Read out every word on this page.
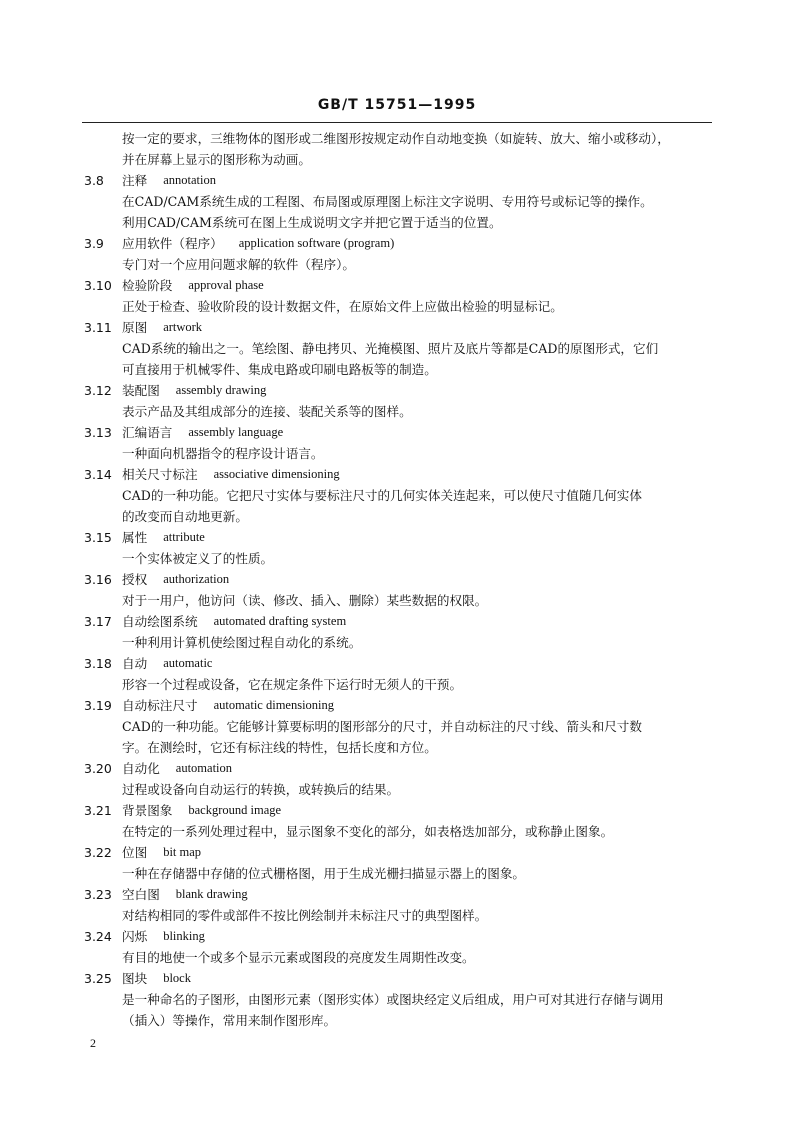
GB/T 15751—1995
按一定的要求，三维物体的图形或二维图形按规定动作自动地变换（如旋转、放大、缩小或移动），
并在屏幕上显示的图形称为动画。
3.8	注释 annotation
在CAD/CAM系统生成的工程图、布局图或原理图上标注文字说明、专用符号或标记等的操作。
利用CAD/CAM系统可在图上生成说明文字并把它置于适当的位置。
3.9	应用软件（程序） application software (program)
专门对一个应用问题求解的软件（程序）。
3.10 检验阶段 approval phase
正处于检查、验收阶段的设计数据文件，在原始文件上应做出检验的明显标记。
3.11 原图 artwork
CAD系统的输出之一。笔绘图、静电拷贝、光掩模图、照片及底片等都是CAD的原图形式，它们
可直接用于机械零件、集成电路或印刷电路板等的制造。
3.12 装配图 assembly drawing
表示产品及其组成部分的连接、装配关系等的图样。
3.13 汇编语言 assembly language
一种面向机器指令的程序设计语言。
3.14 相关尺寸标注 associative dimensioning
CAD的一种功能。它把尺寸实体与要标注尺寸的几何实体关连起来，可以使尺寸值随几何实体
的改变而自动地更新。
3.15 属性 attribute
一个实体被定义了的性质。
3.16 授权 authorization
对于一用户，他访问（读、修改、插入、删除）某些数据的权限。
3.17 自动绘图系统 automated drafting system
一种利用计算机使绘图过程自动化的系统。
3.18 自动 automatic
形容一个过程或设备，它在规定条件下运行时无须人的干预。
3.19 自动标注尺寸 automatic dimensioning
CAD的一种功能。它能够计算要标明的图形部分的尺寸，并自动标注的尺寸线、箭头和尺寸数
字。在测绘时，它还有标注线的特性，包括长度和方位。
3.20 自动化 automation
过程或设备向自动运行的转换，或转换后的结果。
3.21 背景图象 background image
在特定的一系列处理过程中，显示图象不变化的部分，如表格迭加部分，或称静止图象。
3.22 位图 bit map
一种在存储器中存储的位式栅格图，用于生成光栅扫描显示器上的图象。
3.23 空白图 blank drawing
对结构相同的零件或部件不按比例绘制并未标注尺寸的典型图样。
3.24 闪烁 blinking
有目的地使一个或多个显示元素或图段的亮度发生周期性改变。
3.25 图块 block
是一种命名的子图形，由图形元素（图形实体）或图块经定义后组成，用户可对其进行存储与调用
（插入）等操作，常用来制作图形库。
2
